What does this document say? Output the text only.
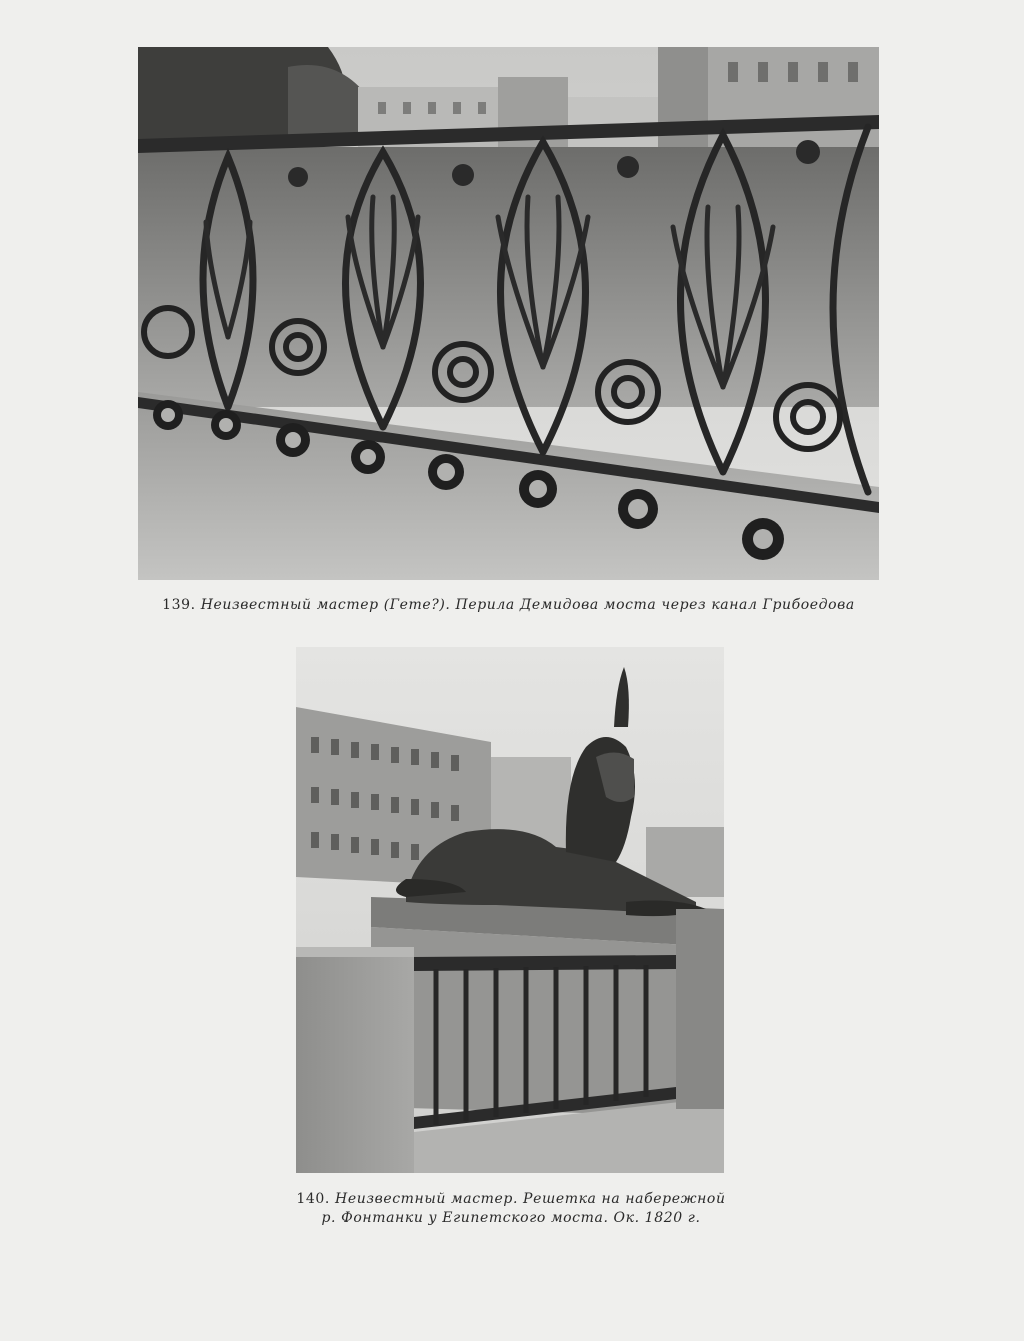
139. Неизвестный мастер (Гете?). Перила Демидова моста через канал Грибоедова

140. Неизвестный мастер. Решетка на набережной
р. Фонтанки у Египетского моста. Ок. 1820 г.
